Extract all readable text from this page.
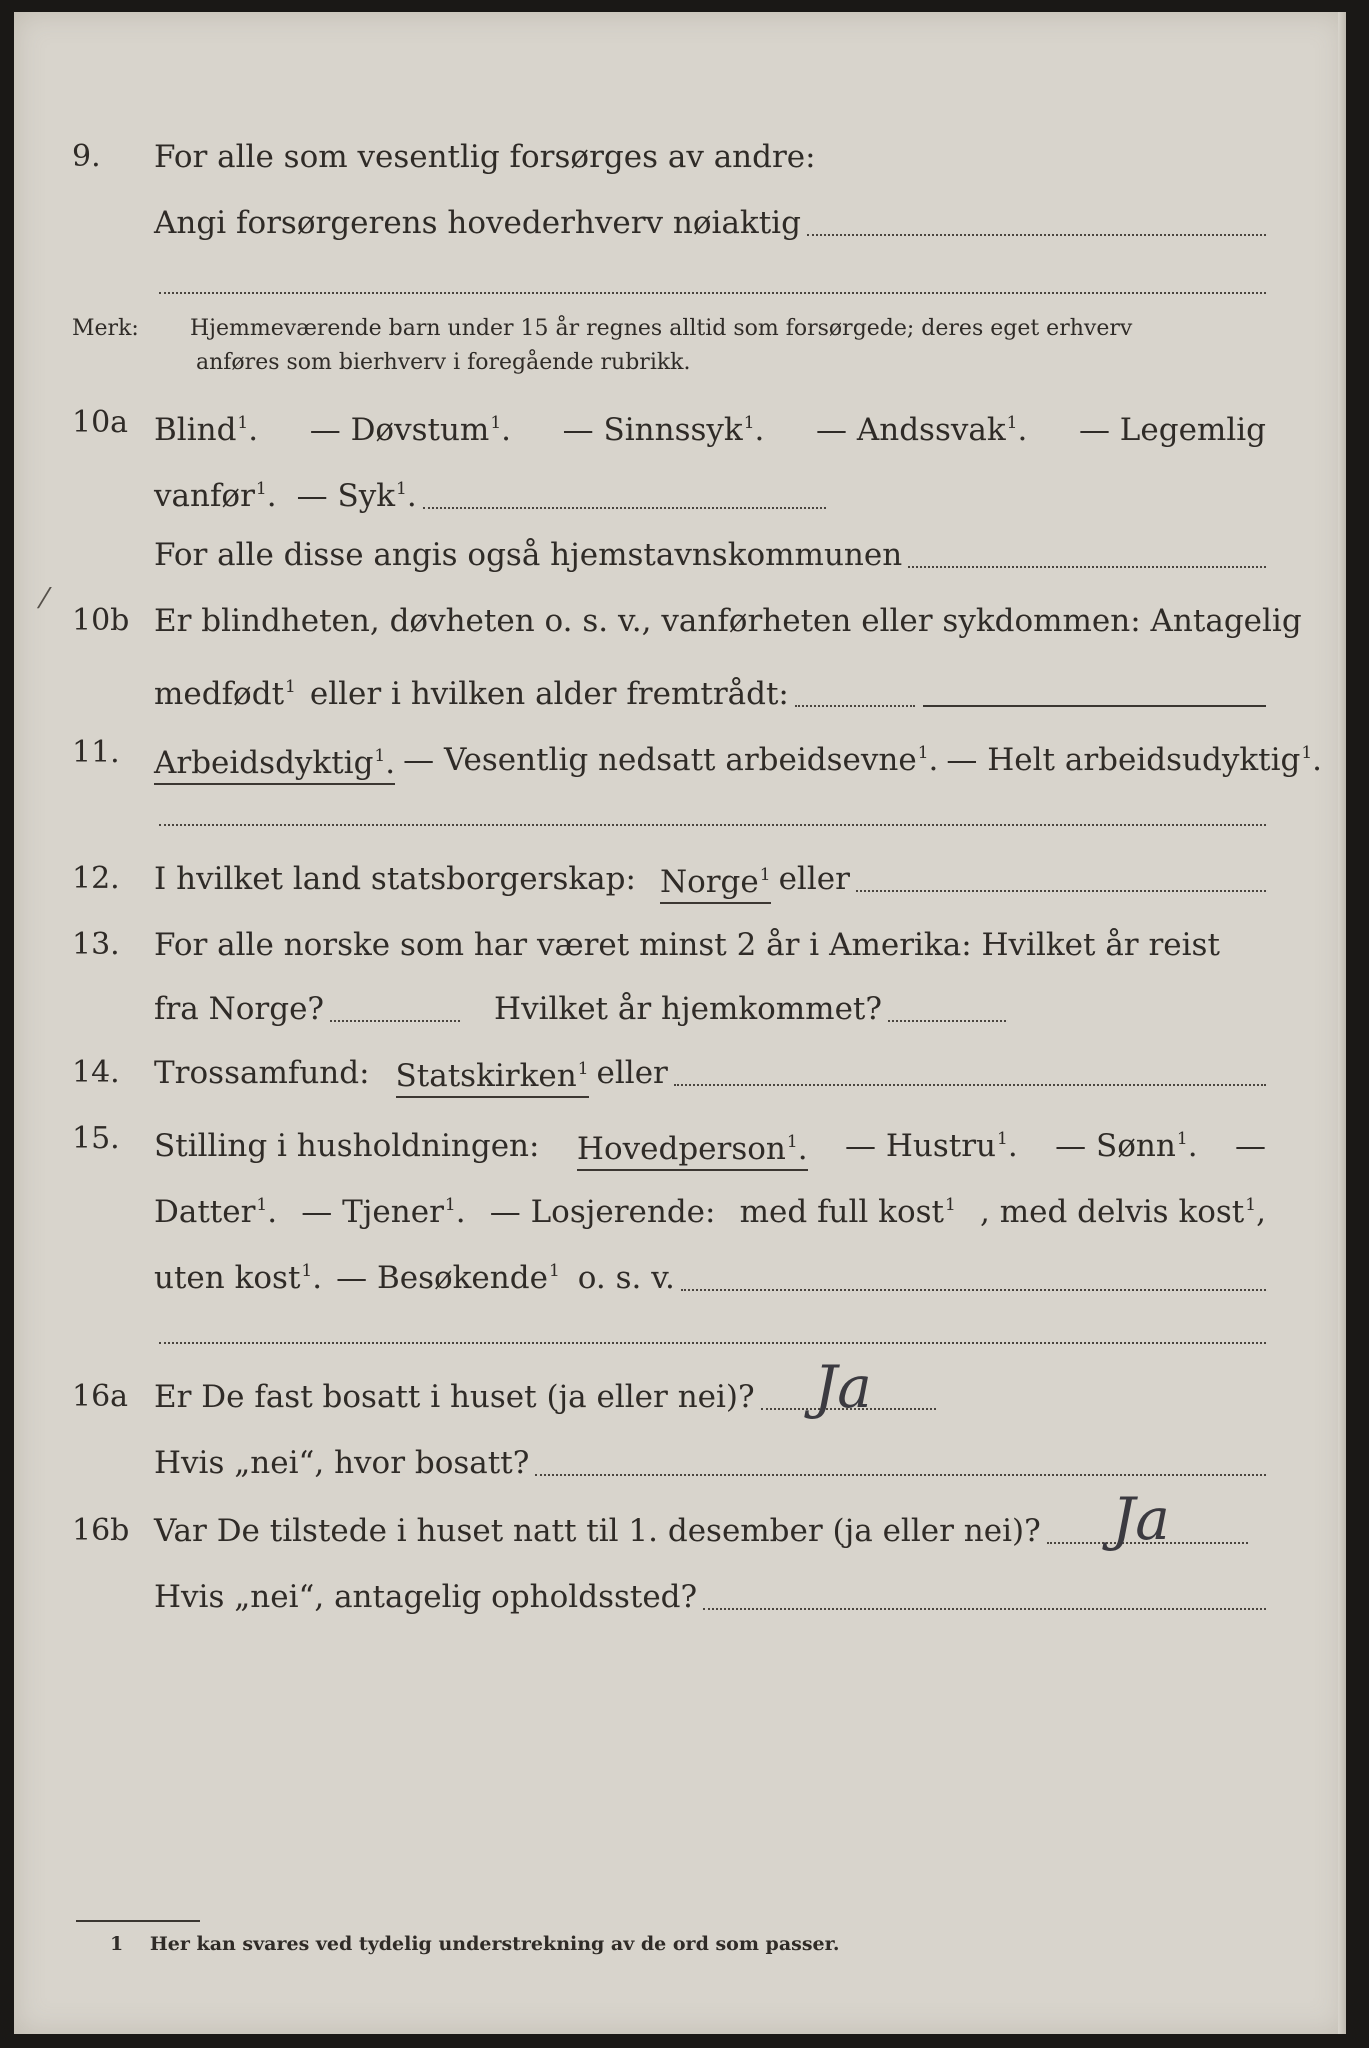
9. For alle som vesentlig forsørges av andre:
Angi forsørgerens hovederhverv nøiaktig
Merk: Hjemmeværende barn under 15 år regnes alltid som forsørgede; deres eget erhverv
anføres som bierhverv i foregående rubrikk.
10a Blind$^1$. — Døvstum$^1$. — Sinnssyk$^1$. — Andssvak$^1$. — Legemlig
vanfør$^1$. — Syk$^1$.
For alle disse angis også hjemstavnskommunen
⁄
10b Er blindheten, døvheten o. s. v., vanførheten eller sykdommen: Antagelig
medfødt$^1$ eller i hvilken alder fremtrådt:
11. Arbeidsdyktig$^1$. — Vesentlig nedsatt arbeidsevne$^1$. — Helt arbeidsudyktig$^1$.
12. I hvilket land statsborgerskap: Norge$^1$ eller
13. For alle norske som har været minst 2 år i Amerika: Hvilket år reist
fra Norge?	Hvilket år hjemkommet?
14. Trossamfund: Statskirken$^1$ eller
15. Stilling i husholdningen: Hovedperson$^1$. — Hustru$^1$. — Sønn$^1$. —
Datter$^1$. — Tjener$^1$. — Losjerende: med full kost$^1$ , med delvis kost$^1$,
uten kost$^1$. — Besøkende$^1$ o. s. v.
16a Er De fast bosatt i huset (ja eller nei)? Ja
Hvis „nei“, hvor bosatt?
16b Var De tilstede i huset natt til 1. desember (ja eller nei)? Ja
Hvis „nei“, antagelig opholdssted?
1 Her kan svares ved tydelig understrekning av de ord som passer.
